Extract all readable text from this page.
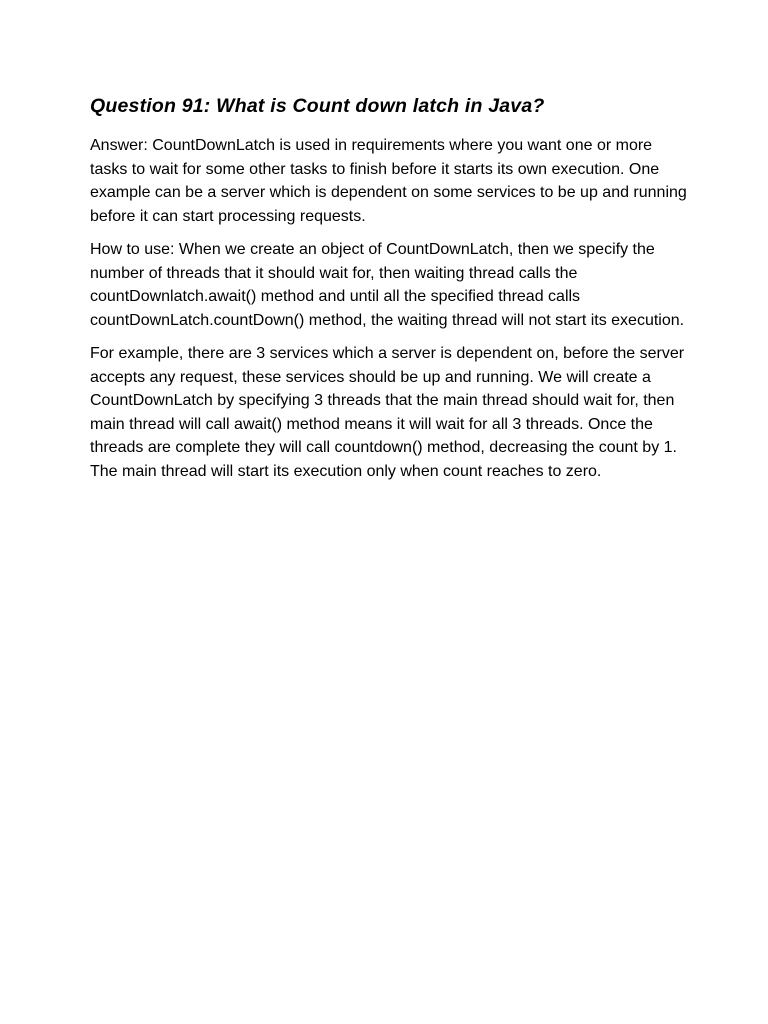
Question 91: What is Count down latch in Java?

Answer: CountDownLatch is used in requirements where you want one or more tasks to wait for some other tasks to finish before it starts its own execution. One example can be a server which is dependent on some services to be up and running before it can start processing requests.

How to use: When we create an object of CountDownLatch, then we specify the number of threads that it should wait for, then waiting thread calls the countDownlatch.await() method and until all the specified thread calls countDownLatch.countDown() method, the waiting thread will not start its execution.

For example, there are 3 services which a server is dependent on, before the server accepts any request, these services should be up and running. We will create a CountDownLatch by specifying 3 threads that the main thread should wait for, then main thread will call await() method means it will wait for all 3 threads. Once the threads are complete they will call countdown() method, decreasing the count by 1. The main thread will start its execution only when count reaches to zero.
